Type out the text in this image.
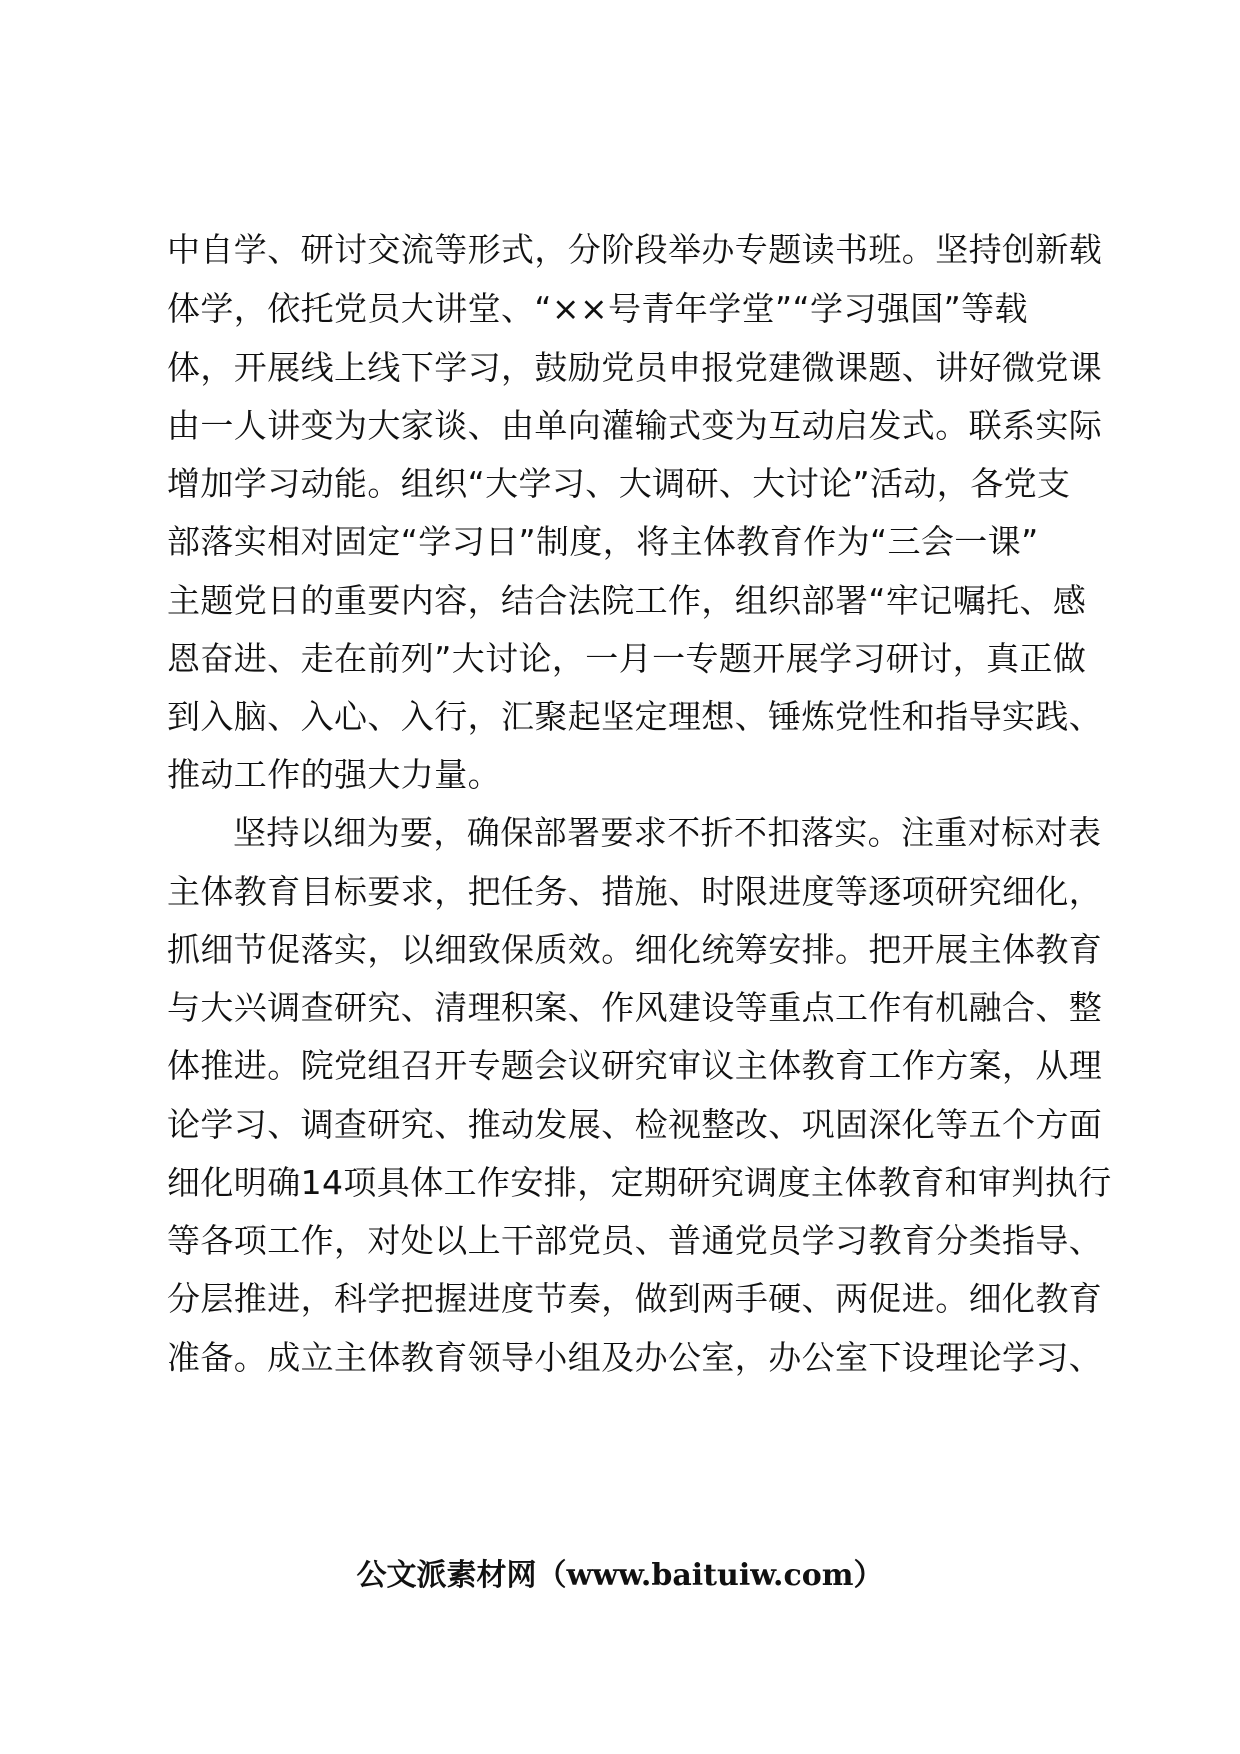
中自学、研讨交流等形式，分阶段举办专题读书班。坚持创新载
体学，依托党员大讲堂、“××号青年学堂”“学习强国”等载
体，开展线上线下学习，鼓励党员申报党建微课题、讲好微党课
由一人讲变为大家谈、由单向灌输式变为互动启发式。联系实际
增加学习动能。组织“大学习、大调研、大讨论”活动，各党支
部落实相对固定“学习日”制度，将主体教育作为“三会一课”
主题党日的重要内容，结合法院工作，组织部署“牢记嘱托、感
恩奋进、走在前列”大讨论，一月一专题开展学习研讨，真正做
到入脑、入心、入行，汇聚起坚定理想、锤炼党性和指导实践、
推动工作的强大力量。
坚持以细为要，确保部署要求不折不扣落实。注重对标对表
主体教育目标要求，把任务、措施、时限进度等逐项研究细化，
抓细节促落实，以细致保质效。细化统筹安排。把开展主体教育
与大兴调查研究、清理积案、作风建设等重点工作有机融合、整
体推进。院党组召开专题会议研究审议主体教育工作方案，从理
论学习、调查研究、推动发展、检视整改、巩固深化等五个方面
细化明确14项具体工作安排，定期研究调度主体教育和审判执行
等各项工作，对处以上干部党员、普通党员学习教育分类指导、
分层推进，科学把握进度节奏，做到两手硬、两促进。细化教育
准备。成立主体教育领导小组及办公室，办公室下设理论学习、
公文派素材网（www.baituiw.com）
